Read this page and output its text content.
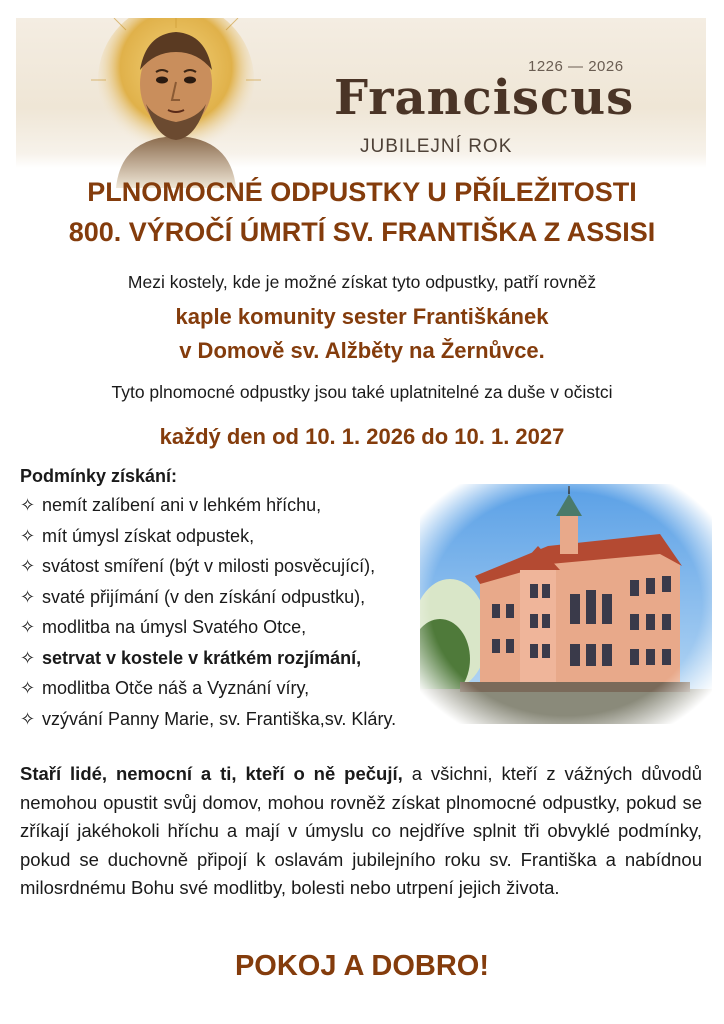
1226 — 2026
Franciscus
JUBILEJNÍ ROK
PLNOMOCNÉ ODPUSTKY U PŘÍLEŽITOSTI
800. VÝROČÍ ÚMRTÍ SV. FRANTIŠKA Z ASSISI
Mezi kostely, kde je možné získat tyto odpustky, patří rovněž
kaple komunity sester Františkánek
v Domově sv. Alžběty na Žernůvce.
Tyto plnomocné odpustky jsou také uplatnitelné za duše v očistci
každý den od 10. 1. 2026 do 10. 1. 2027
Podmínky získání:
✧ nemít zalíbení ani v lehkém hříchu,
✧ mít úmysl získat odpustek,
✧ svátost smíření (být v milosti posvěcující),
✧ svaté přijímání (v den získání odpustku),
✧ modlitba na úmysl Svatého Otce,
✧ setrvat v kostele v krátkém rozjímání,
✧ modlitba Otče náš a Vyznání víry,
✧ vzývání Panny Marie, sv. Františka,sv. Kláry.
Staří lidé, nemocní a ti, kteří o ně pečují, a všichni, kteří z vážných důvodů nemohou opustit svůj domov, mohou rovněž získat plnomocné odpustky, pokud se zříkají jakéhokoli hříchu a mají v úmyslu co nejdříve splnit tři obvyklé podmínky, pokud se duchovně připojí k oslavám jubilejního roku sv. Františka a nabídnou milosrdnému Bohu své modlitby, bolesti nebo utrpení jejich života.
POKOJ A DOBRO!
